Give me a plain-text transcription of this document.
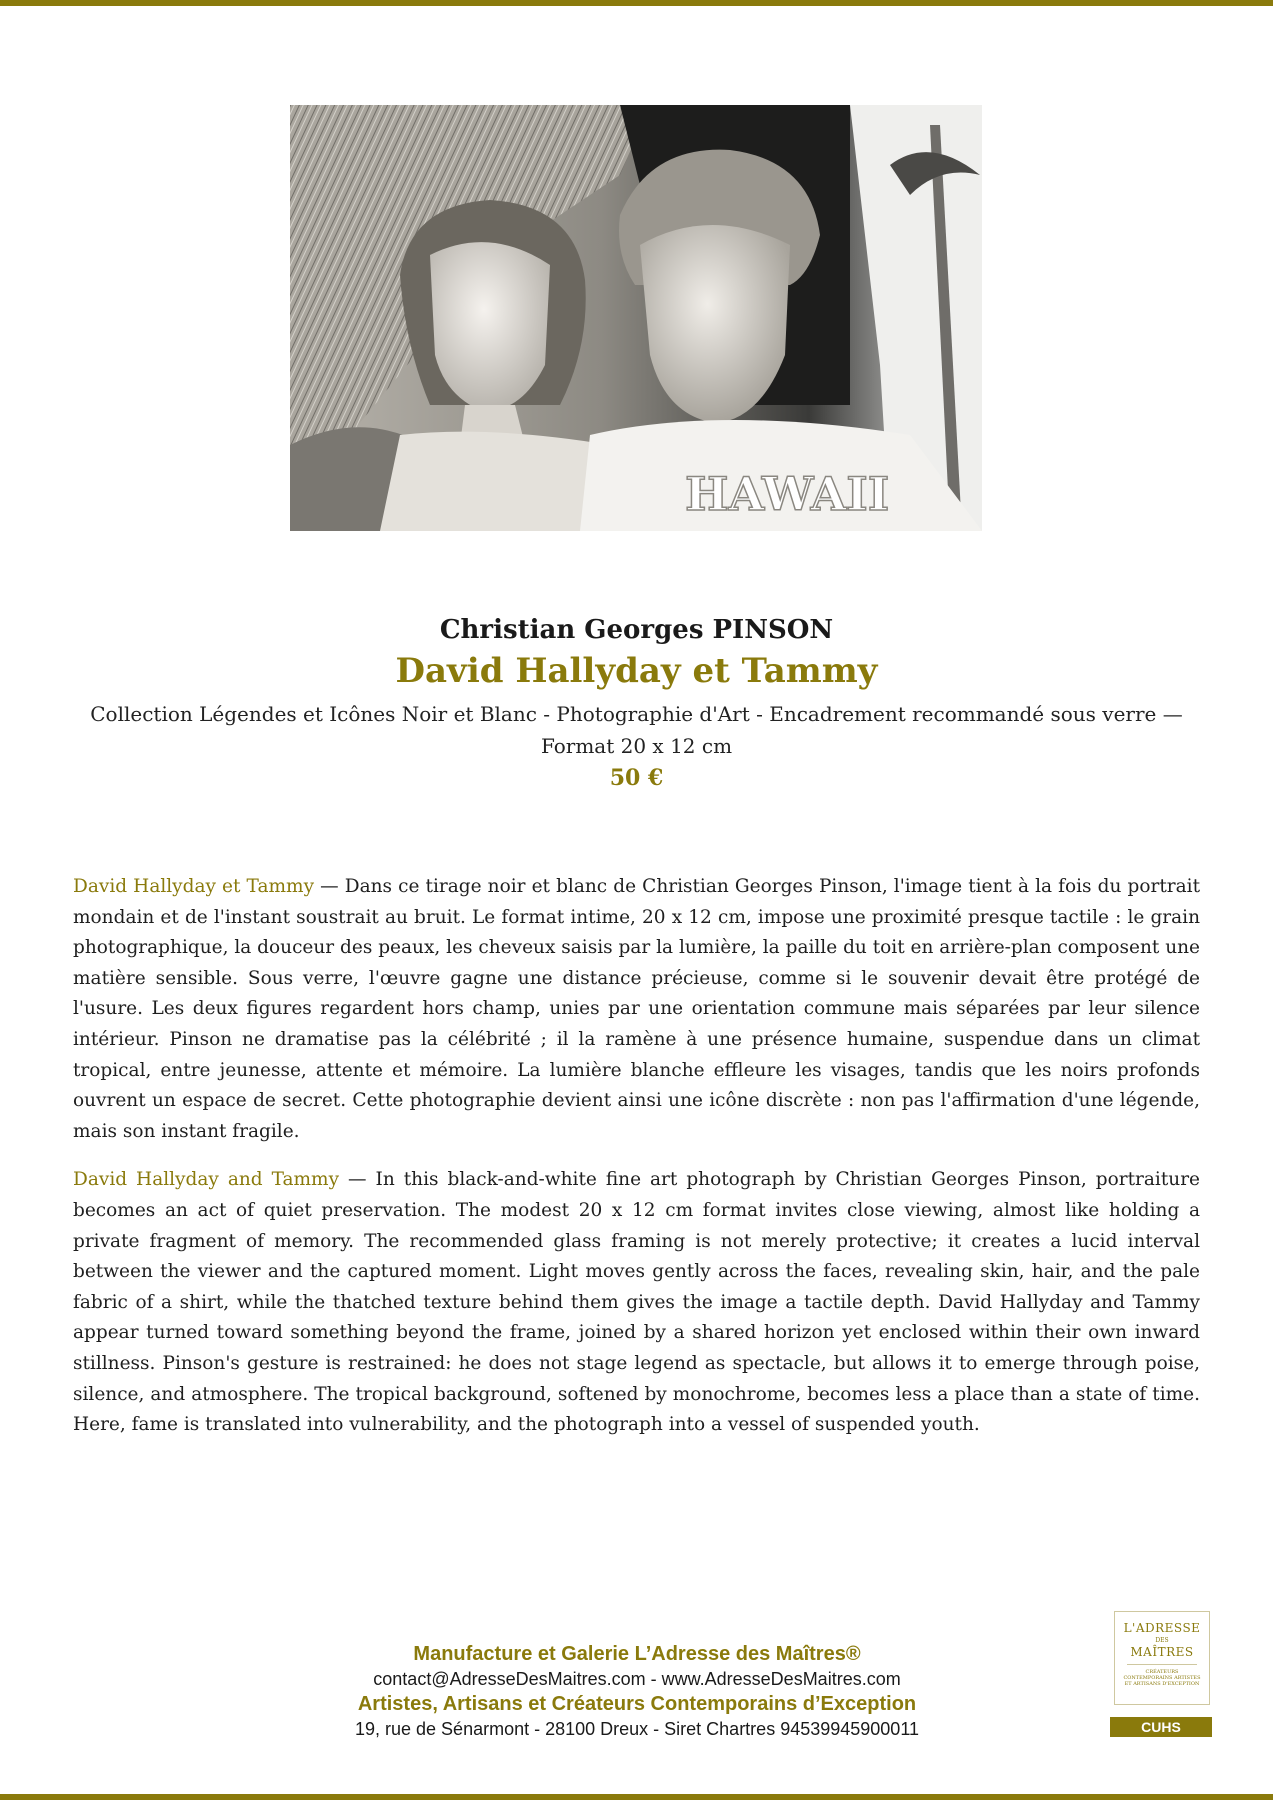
HAWAII
Christian Georges PINSON
David Hallyday et Tammy
Collection Légendes et Icônes Noir et Blanc - Photographie d'Art - Encadrement recommandé sous verre — Format 20 x 12 cm
50 €

David Hallyday et Tammy — Dans ce tirage noir et blanc de Christian Georges Pinson, l'image tient à la fois du portrait mondain et de l'instant soustrait au bruit. Le format intime, 20 x 12 cm, impose une proximité presque tactile : le grain photographique, la douceur des peaux, les cheveux saisis par la lumière, la paille du toit en arrière-plan composent une matière sensible. Sous verre, l'œuvre gagne une distance précieuse, comme si le souvenir devait être protégé de l'usure. Les deux figures regardent hors champ, unies par une orientation commune mais séparées par leur silence intérieur. Pinson ne dramatise pas la célébrité ; il la ramène à une présence humaine, suspendue dans un climat tropical, entre jeunesse, attente et mémoire. La lumière blanche effleure les visages, tandis que les noirs profonds ouvrent un espace de secret. Cette photographie devient ainsi une icône discrète : non pas l'affirmation d'une légende, mais son instant fragile.

David Hallyday and Tammy — In this black-and-white fine art photograph by Christian Georges Pinson, portraiture becomes an act of quiet preservation. The modest 20 x 12 cm format invites close viewing, almost like holding a private fragment of memory. The recommended glass framing is not merely protective; it creates a lucid interval between the viewer and the captured moment. Light moves gently across the faces, revealing skin, hair, and the pale fabric of a shirt, while the thatched texture behind them gives the image a tactile depth. David Hallyday and Tammy appear turned toward something beyond the frame, joined by a shared horizon yet enclosed within their own inward stillness. Pinson's gesture is restrained: he does not stage legend as spectacle, but allows it to emerge through poise, silence, and atmosphere. The tropical background, softened by monochrome, becomes less a place than a state of time. Here, fame is translated into vulnerability, and the photograph into a vessel of suspended youth.

Manufacture et Galerie L’Adresse des Maîtres®
contact@AdresseDesMaitres.com - www.AdresseDesMaitres.com
Artistes, Artisans et Créateurs Contemporains d’Exception
19, rue de Sénarmont - 28100 Dreux - Siret Chartres 94539945900011
L'ADRESSE
DES
MAÎTRES
CRÉATEURS CONTEMPORAINS ARTISTES ET ARTISANS D'EXCEPTION
CUHS
